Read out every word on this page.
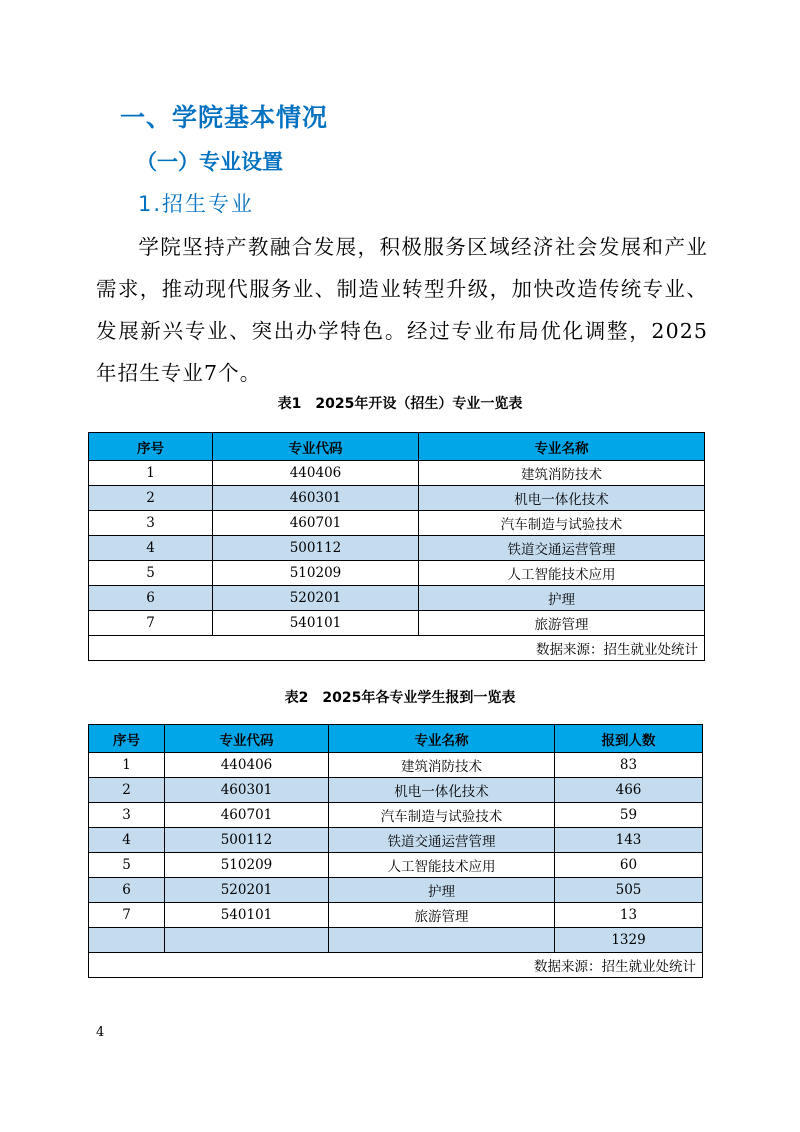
一、学院基本情况
（一）专业设置
1.招生专业
学院坚持产教融合发展，积极服务区域经济社会发展和产业需求，推动现代服务业、制造业转型升级，加快改造传统专业、发展新兴专业、突出办学特色。经过专业布局优化调整，2025年招生专业7个。
表1　2025年开设（招生）专业一览表
序号	专业代码	专业名称
1	440406	建筑消防技术
2	460301	机电一体化技术
3	460701	汽车制造与试验技术
4	500112	铁道交通运营管理
5	510209	人工智能技术应用
6	520201	护理
7	540101	旅游管理
数据来源：招生就业处统计		
表2　2025年各专业学生报到一览表
序号	专业代码	专业名称	报到人数
1	440406	建筑消防技术	83
2	460301	机电一体化技术	466
3	460701	汽车制造与试验技术	59
4	500112	铁道交通运营管理	143
5	510209	人工智能技术应用	60
6	520201	护理	505
7	540101	旅游管理	13
			1329
数据来源：招生就业处统计			
4
